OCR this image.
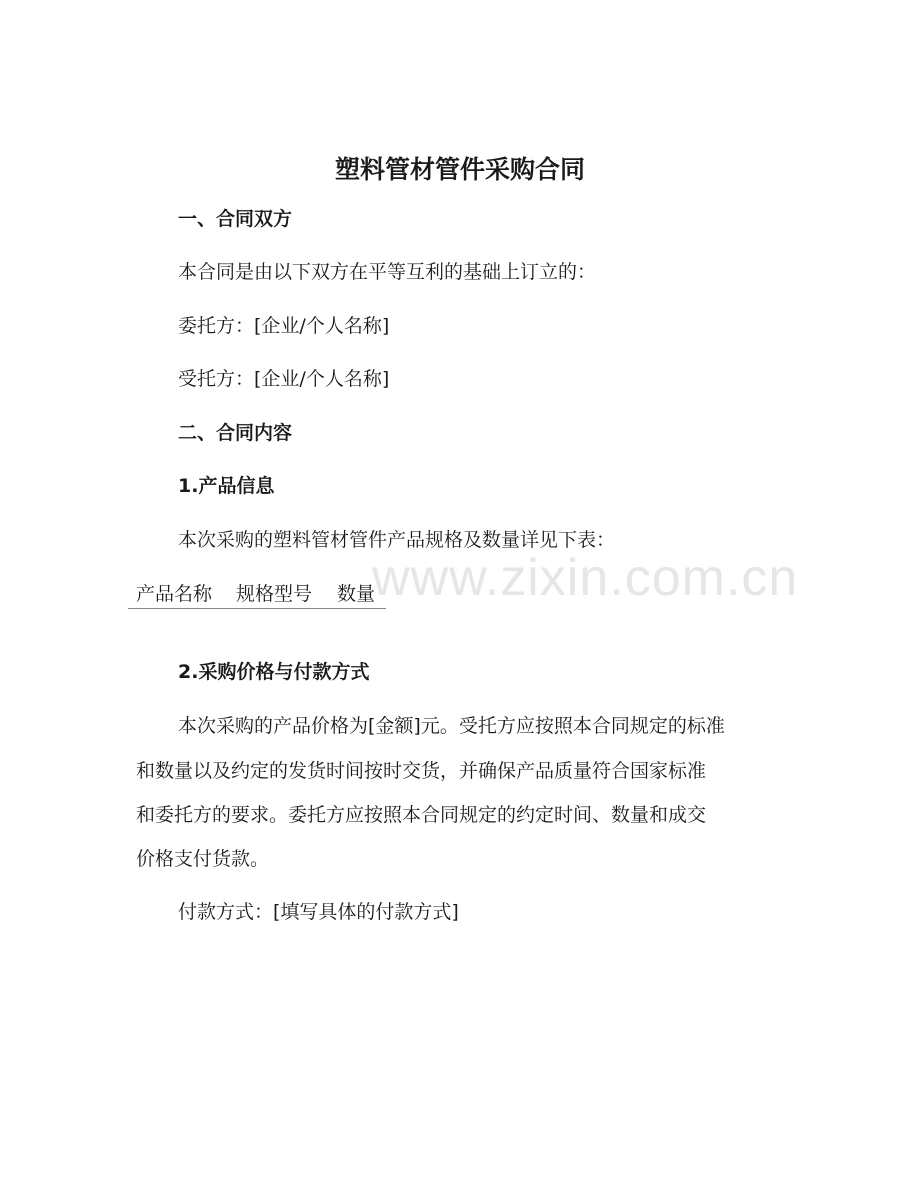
www.zixin.com.cn
塑料管材管件采购合同

一、合同双方

本合同是由以下双方在平等互利的基础上订立的：

委托方：[企业/个人名称]

受托方：[企业/个人名称]

二、合同内容

1.产品信息

本次采购的塑料管材管件产品规格及数量详见下表：

产品名称 规格型号 数量

2.采购价格与付款方式

本次采购的产品价格为[金额]元。受托方应按照本合同规定的标准

和数量以及约定的发货时间按时交货，并确保产品质量符合国家标准

和委托方的要求。委托方应按照本合同规定的约定时间、数量和成交

价格支付货款。

付款方式：[填写具体的付款方式]
